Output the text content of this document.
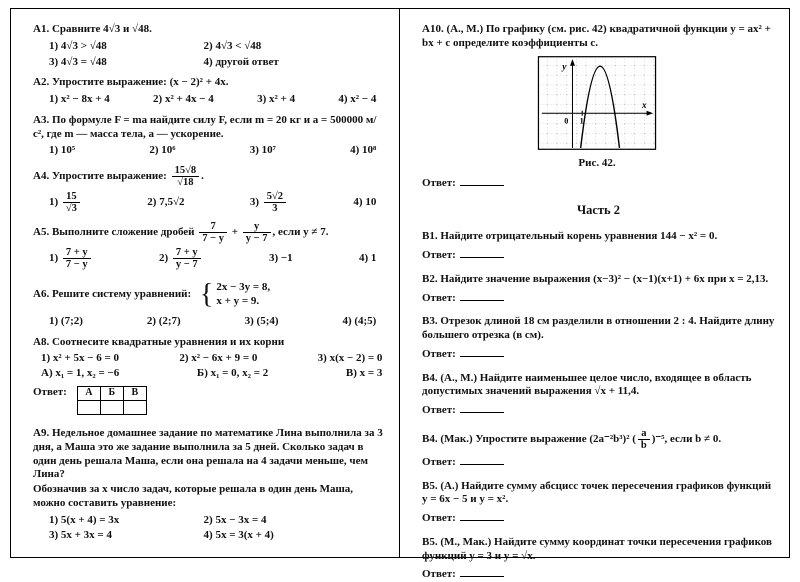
А1. Сравните 4√3 и √48.
1) 4√3 > √48	2) 4√3 < √48
3) 4√3 = √48	4) другой ответ
А2. Упростите выражение: (x − 2)² + 4x.
1) x² − 8x + 4	2) x² + 4x − 4	3) x² + 4	4) x² − 4
А3. По формуле F = ma найдите силу F, если m = 20 кг и a = 500000 м/с², где m — масса тела, a — ускорение.
1) 10⁵	2) 10⁶	3) 10⁷	4) 10⁸
А4. Упростите выражение: $\frac{15√8}{√18}$ .
$1) \frac{15}{√3}$	2) 7,5√2	$3) \frac{5√2}{3}$	4) 10
А5. Выполните сложение дробей $\frac{7}{7 - y} + \frac{y}{y - 7}$ , если y ≠ 7.
$1) \frac{7 + y}{7 - y}$	$2) \frac{7 + y}{y - 7}$	3) −1	4) 1
А6. Решите систему уравнений: { 2x − 3y = 8,
x + y = 9.
1) (7;2)	2) (2;7)	3) (5;4)	4) (4;5)
А8. Соотнесите квадратные уравнения и их корни
1) x² + 5x − 6 = 0	2) x² − 6x + 9 = 0	3) x(x − 2) = 0
А) x₁ = 1, x₂ = −6	Б) x₁ = 0, x₂ = 2	В) x = 3
Ответ: А	Б	В

А9. Недельное домашнее задание по математике Лина выполнила за 3 дня, а Маша это же задание выполнила за 5 дней. Сколько задач в один день решала Маша, если она решала на 4 задачи меньше, чем Лина?
Обозначив за x число задач, которые решала в один день Маша, можно составить уравнение:
1) 5(x + 4) = 3x	2) 5x − 3x = 4
3) 5x + 3x = 4	4) 5x = 3(x + 4)
А10. (А., М.) По графику (см. рис. 42) квадратичной функции y = ax² + bx + c определите коэффициенты c.
у
x
0 1
Рис. 42.
Ответ:
Часть 2
В1. Найдите отрицательный корень уравнения 144 − x² = 0.
Ответ:
В2. Найдите значение выражения (x−3)² − (x−1)(x+1) + 6x при x = 2,13.
Ответ:
В3. Отрезок длиной 18 см разделили в отношении 2 : 4. Найдите длину большего отрезка (в см).
Ответ:
В4. (А., М.) Найдите наименьшее целое число, входящее в область допустимых значений выражения √x + 11,4.
Ответ:
В4. (Мак.) Упростите выражение (2a⁻²b³)² ( $\frac{a}{b} )^{-5}$, если b ≠ 0.
Ответ:
В5. (А.) Найдите сумму абсцисс точек пересечения графиков функций y = 6x − 5 и y = x².
Ответ:
В5. (М., Мак.) Найдите сумму координат точки пересечения графиков функций y = 3 и y = √x.
Ответ:
